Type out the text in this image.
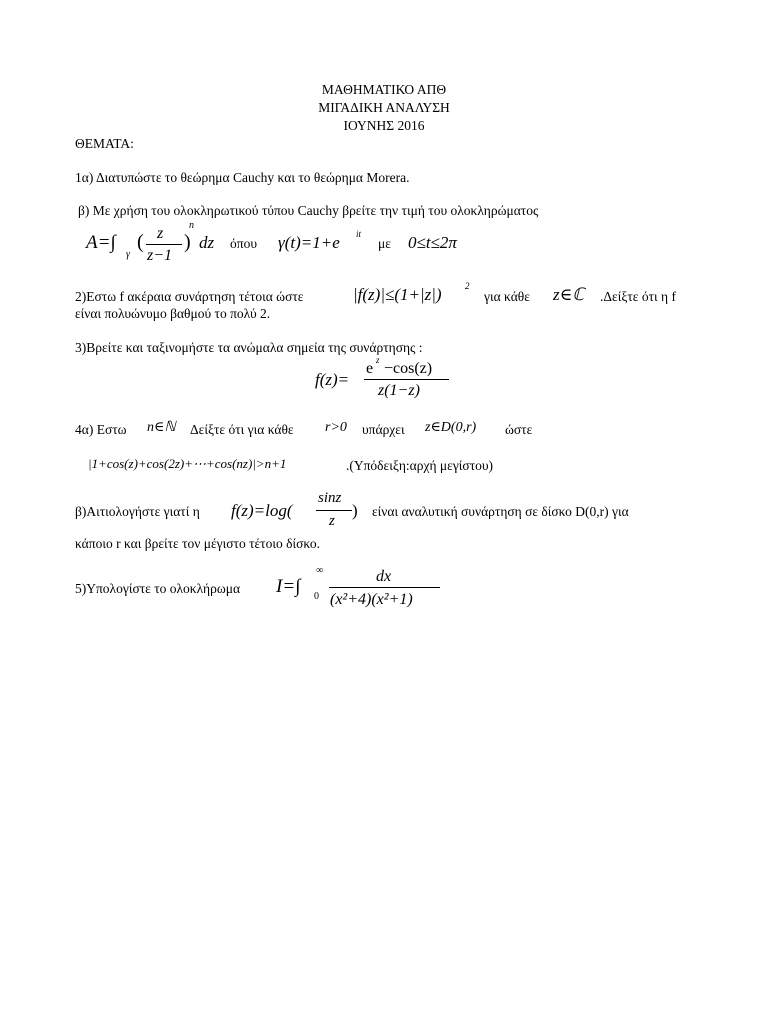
ΜΑΘΗΜΑΤΙΚΟ ΑΠΘ
ΜΙΓΑΔΙΚΗ ΑΝΑΛΥΣΗ
ΙΟΥΝΗΣ 2016
ΘΕΜΑΤΑ:
1α) Διατυπώστε το θεώρημα Cauchy και το θεώρημα Morera.
β) Με χρήση του ολοκληρωτικού τύπου Cauchy βρείτε την τιμή του ολοκληρώματος
A=∫
γ
( z
z−1
)
n
dz όπου γ(t)=1+e it
με 0≤t≤2π
2)Εστω f ακέραια συνάρτηση τέτοια ώστε	|f(z)|≤(1+|z|)	2
για κάθε z∈ℂ .Δείξτε ότι η f
είναι πολυώνυμο βαθμού το πολύ 2.
3)Βρείτε και ταξινομήστε τα ανώμαλα σημεία της συνάρτησης :
f(z)=
e z −cos(z)
z(1−z)
4α) Εστω n∈ℕ Δείξτε ότι για κάθε r>0 υπάρχει z∈D(0,r) ώστε
|1+cos(z)+cos(2z)+⋯+cos(nz)|>n+1	.(Υπόδειξη:αρχή μεγίστου)
β)Αιτιολογήστε γιατί η f(z)=log(
sinz
z
) είναι αναλυτική συνάρτηση σε δίσκο D(0,r) για
κάποιο r και βρείτε τον μέγιστο τέτοιο δίσκο.
5)Υπολογίστε το ολοκλήρωμα I=∫
∞
0
dx
(x²+4)(x²+1)
